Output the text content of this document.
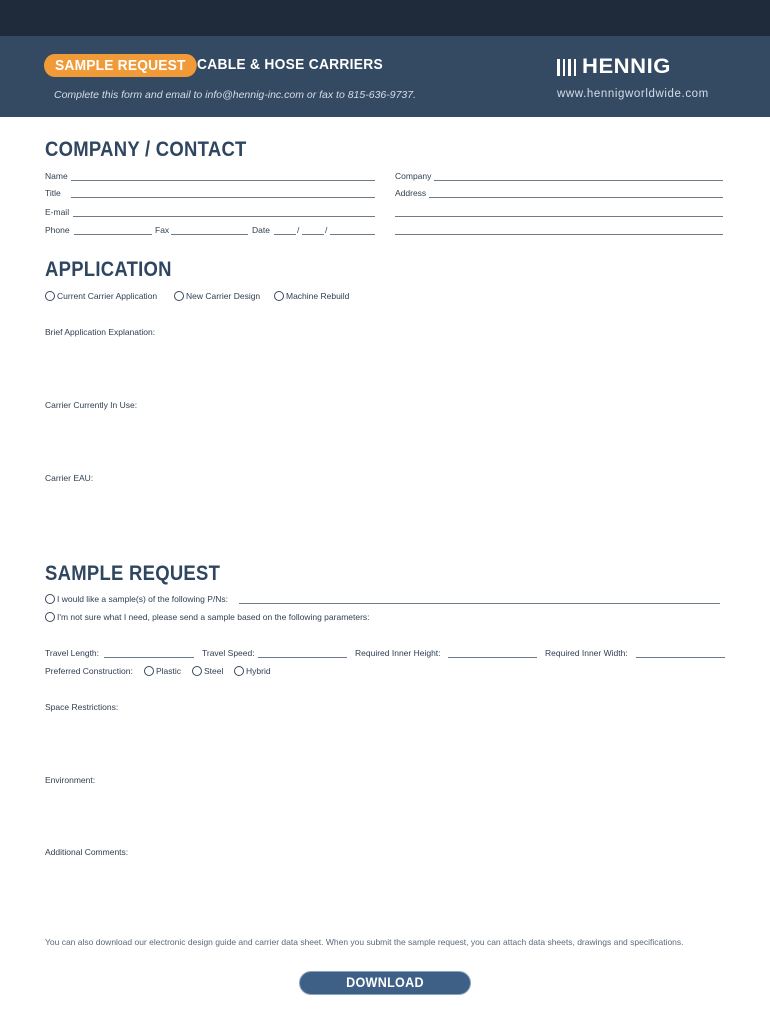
SAMPLE REQUEST CABLE & HOSE CARRIERS
Complete this form and email to info@hennig-inc.com or fax to 815-636-9737.
HENNIG
www.hennigworldwide.com
COMPANY / CONTACT
Name
Title
E-mail
Phone	Fax	Date	/	/
Company
Address
APPLICATION
Current Carrier Application	New Carrier Design	Machine Rebuild
Brief Application Explanation:
Carrier Currently In Use:
Carrier EAU:
SAMPLE REQUEST
I would like a sample(s) of the following P/Ns:
I'm not sure what I need, please send a sample based on the following parameters:
Travel Length:	Travel Speed:	Required Inner Height:	Required Inner Width:
Preferred Construction:	Plastic	Steel	Hybrid
Space Restrictions:
Environment:
Additional Comments:
You can also download our electronic design guide and carrier data sheet. When you submit the sample request, you can attach data sheets, drawings and specifications.
DOWNLOAD BROCHURE
